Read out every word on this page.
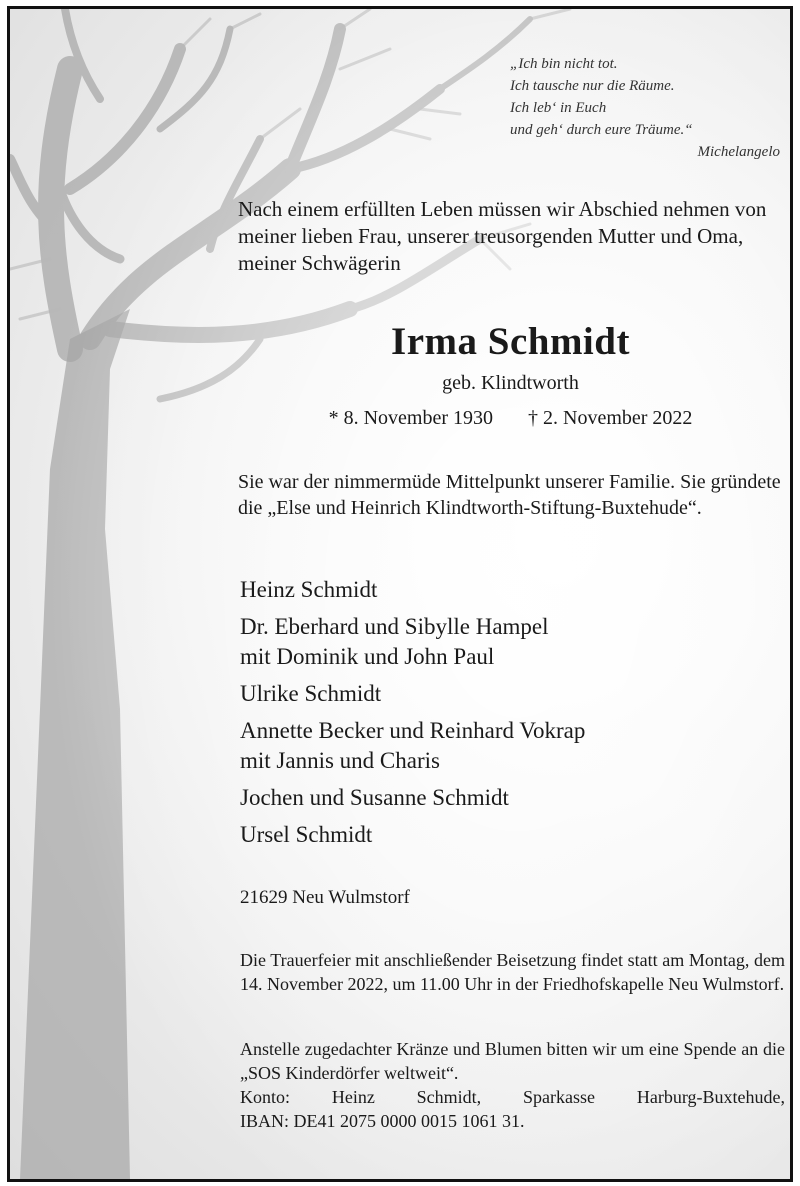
„Ich bin nicht tot.
Ich tausche nur die Räume.
Ich leb‘ in Euch
und geh‘ durch eure Träume.“
Michelangelo
Nach einem erfüllten Leben müssen wir Abschied nehmen von meiner lieben Frau, unserer treusorgenden Mutter und Oma, meiner Schwägerin
Irma Schmidt
geb. Klindtworth
* 8. November 1930 † 2. November 2022
Sie war der nimmermüde Mittelpunkt unserer Familie. Sie gründete die „Else und Heinrich Klindtworth-Stiftung-Buxtehude“.
Heinz Schmidt
Dr. Eberhard und Sibylle Hampel
mit Dominik und John Paul
Ulrike Schmidt
Annette Becker und Reinhard Vokrap
mit Jannis und Charis
Jochen und Susanne Schmidt
Ursel Schmidt
21629 Neu Wulmstorf
Die Trauerfeier mit anschließender Beisetzung findet statt am Montag, dem 14. November 2022, um 11.00 Uhr in der Friedhofskapelle Neu Wulmstorf.
Anstelle zugedachter Kränze und Blumen bitten wir um eine Spende an die „SOS Kinderdörfer weltweit“.
Konto: Heinz Schmidt, Sparkasse Harburg-Buxtehude,
IBAN: DE41 2075 0000 0015 1061 31.
